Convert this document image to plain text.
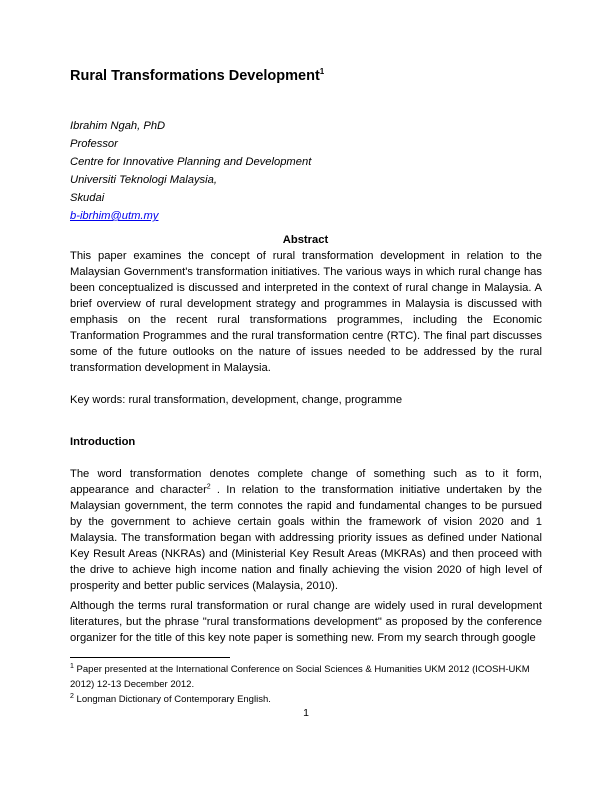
Rural Transformations Development$^1$
Ibrahim Ngah, PhD
Professor
Centre for Innovative Planning and Development
Universiti Teknologi Malaysia,
Skudai
b-ibrhim@utm.my
Abstract
This paper examines the concept of rural transformation development in relation to the Malaysian Government's transformation initiatives. The various ways in which rural change has been conceptualized is discussed and interpreted in the context of rural change in Malaysia. A brief overview of rural development strategy and programmes in Malaysia is discussed with emphasis on the recent rural transformations programmes, including the Economic Tranformation Programmes and the rural transformation centre (RTC). The final part discusses some of the future outlooks on the nature of issues needed to be addressed by the rural transformation development in Malaysia.
Key words: rural transformation, development, change, programme
Introduction
The word transformation denotes complete change of something such as to it form, appearance and character$^2$ . In relation to the transformation initiative undertaken by the Malaysian government, the term connotes the rapid and fundamental changes to be pursued by the government to achieve certain goals within the framework of vision 2020 and 1 Malaysia. The transformation began with addressing priority issues as defined under National Key Result Areas (NKRAs) and (Ministerial Key Result Areas (MKRAs) and then proceed with the drive to achieve high income nation and finally achieving the vision 2020 of high level of prosperity and better public services (Malaysia, 2010).
Although the terms rural transformation or rural change are widely used in rural development literatures, but the phrase "rural transformations development" as proposed by the conference organizer for the title of this key note paper is something new. From my search through google
$^1$ Paper presented at the International Conference on Social Sciences & Humanities UKM 2012 (ICOSH-UKM 2012) 12-13 December 2012.
$^2$ Longman Dictionary of Contemporary English.
1
